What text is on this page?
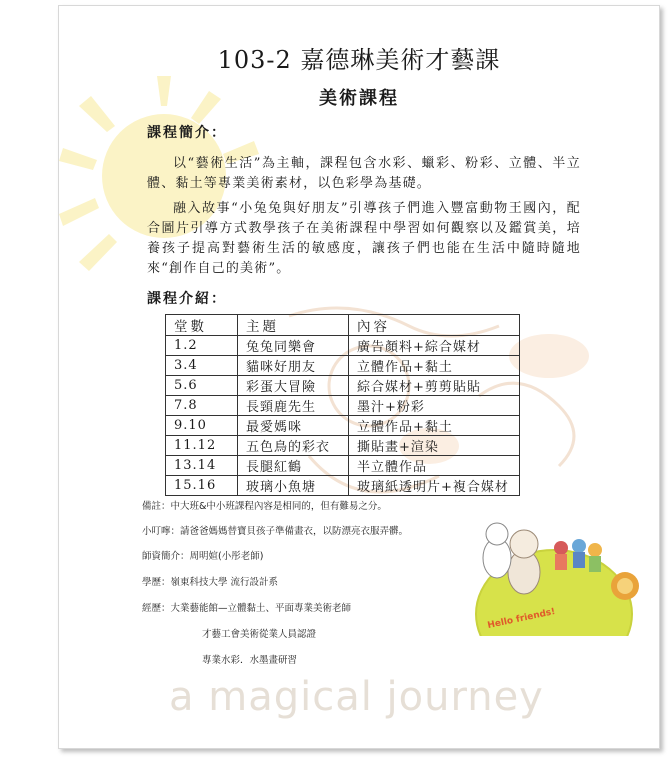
a magical journey
Hello friends!
103-2 嘉德琳美術才藝課
美術課程
課程簡介：

以“藝術生活”為主軸，課程包含水彩、蠟彩、粉彩、立體、半立體、黏土等專業美術素材，以色彩學為基礎。

融入故事“小兔兔與好朋友”引導孩子們進入豐富動物王國內，配合圖片引導方式教學孩子在美術課程中學習如何觀察以及鑑賞美，培養孩子提高對藝術生活的敏感度，讓孩子們也能在生活中隨時隨地來“創作自己的美術”。

課程介紹：
堂數	主題	內容
1.2	兔兔同樂會	廣告顏料+綜合媒材
3.4	貓咪好朋友	立體作品+黏土
5.6	彩蛋大冒險	綜合媒材+剪剪貼貼
7.8	長頸鹿先生	墨汁+粉彩
9.10	最愛媽咪	立體作品+黏土
11.12	五色鳥的彩衣	撕貼畫+渲染
13.14	長腿紅鶴	半立體作品
15.16	玻璃小魚塘	玻璃紙透明片+複合媒材

備註：中大班&中小班課程內容是相同的，但有難易之分。

小叮嚀：請爸爸媽媽替寶貝孩子準備畫衣，以防漂亮衣服弄髒。

師資簡介：周明媗(小彤老師)

學歷：嶺東科技大學 流行設計系

經歷：大業藝能館—立體黏土、平面專業美術老師

才藝工會美術從業人員認證

專業水彩．水墨畫研習
